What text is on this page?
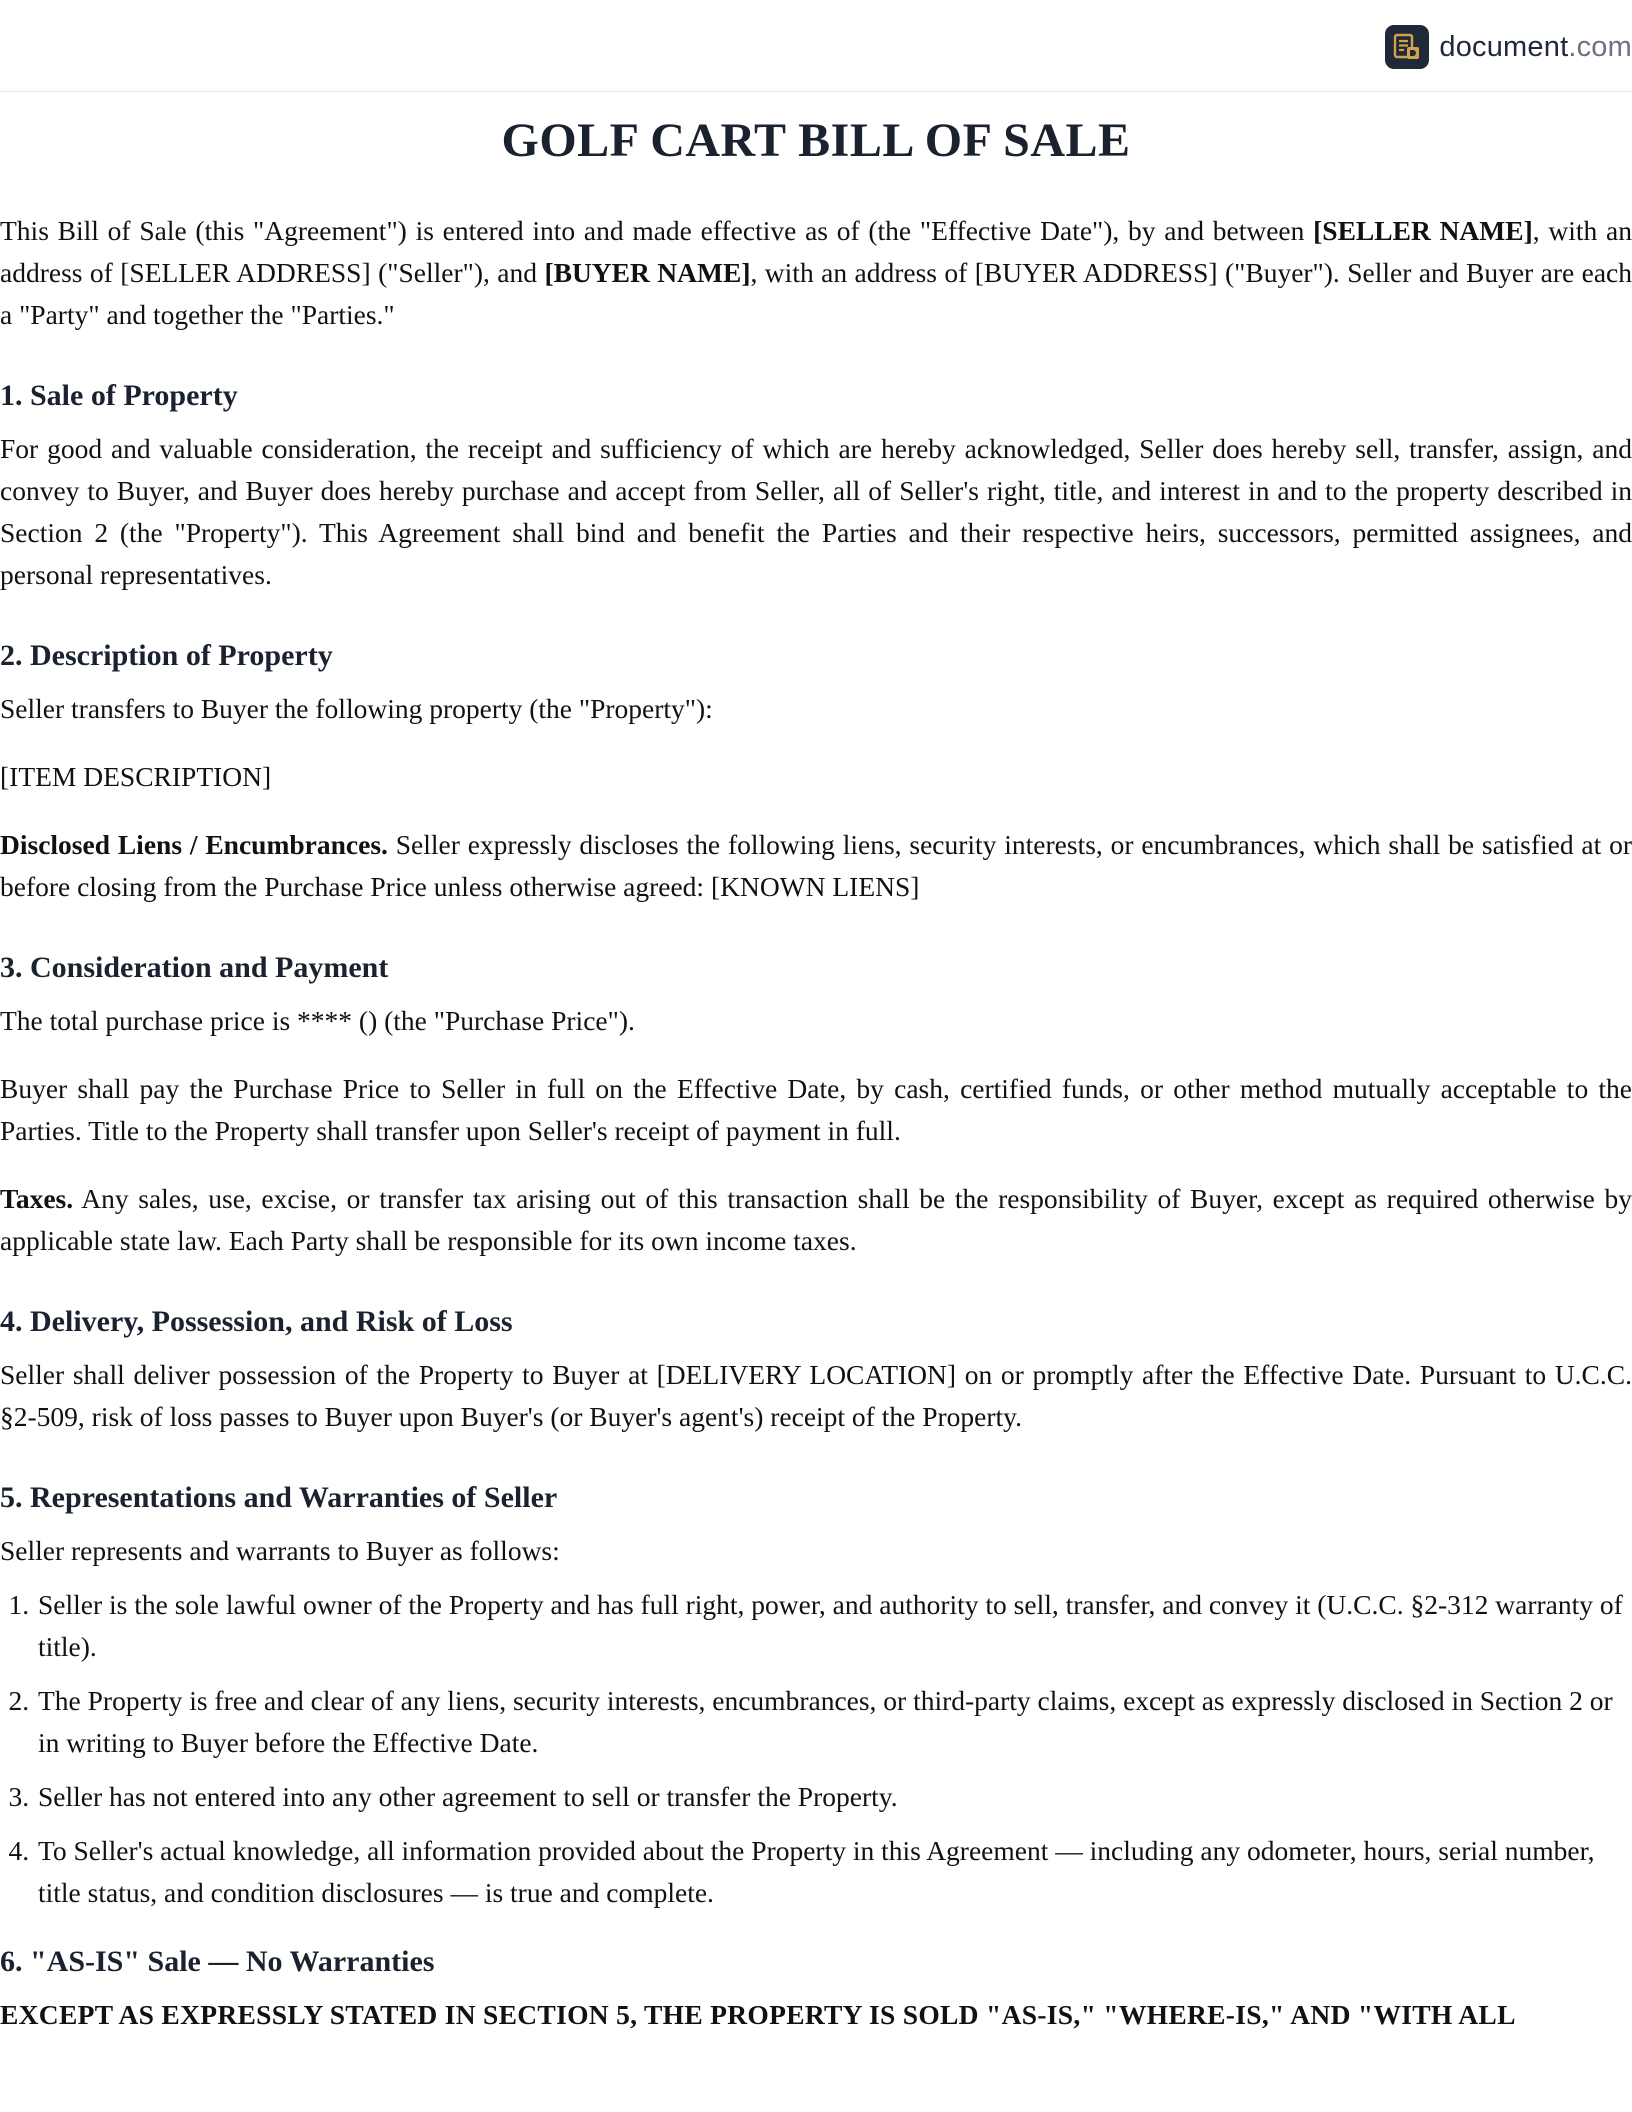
document.com
GOLF CART BILL OF SALE

This Bill of Sale (this "Agreement") is entered into and made effective as of (the "Effective Date"), by and between [SELLER NAME], with an address of [SELLER ADDRESS] ("Seller"), and [BUYER NAME], with an address of [BUYER ADDRESS] ("Buyer"). Seller and Buyer are each a "Party" and together the "Parties."

1. Sale of Property

For good and valuable consideration, the receipt and sufficiency of which are hereby acknowledged, Seller does hereby sell, transfer, assign, and convey to Buyer, and Buyer does hereby purchase and accept from Seller, all of Seller's right, title, and interest in and to the property described in Section 2 (the "Property"). This Agreement shall bind and benefit the Parties and their respective heirs, successors, permitted assignees, and personal representatives.

2. Description of Property

Seller transfers to Buyer the following property (the "Property"):

[ITEM DESCRIPTION]

Disclosed Liens / Encumbrances. Seller expressly discloses the following liens, security interests, or encumbrances, which shall be satisfied at or before closing from the Purchase Price unless otherwise agreed: [KNOWN LIENS]

3. Consideration and Payment

The total purchase price is **** () (the "Purchase Price").

Buyer shall pay the Purchase Price to Seller in full on the Effective Date, by cash, certified funds, or other method mutually acceptable to the Parties. Title to the Property shall transfer upon Seller's receipt of payment in full.

Taxes. Any sales, use, excise, or transfer tax arising out of this transaction shall be the responsibility of Buyer, except as required otherwise by applicable state law. Each Party shall be responsible for its own income taxes.

4. Delivery, Possession, and Risk of Loss

Seller shall deliver possession of the Property to Buyer at [DELIVERY LOCATION] on or promptly after the Effective Date. Pursuant to U.C.C. §2-509, risk of loss passes to Buyer upon Buyer's (or Buyer's agent's) receipt of the Property.

5. Representations and Warranties of Seller

Seller represents and warrants to Buyer as follows:

1. Seller is the sole lawful owner of the Property and has full right, power, and authority to sell, transfer, and convey it (U.C.C. §2-312 warranty of title).
2. The Property is free and clear of any liens, security interests, encumbrances, or third-party claims, except as expressly disclosed in Section 2 or in writing to Buyer before the Effective Date.
3. Seller has not entered into any other agreement to sell or transfer the Property.
4. To Seller's actual knowledge, all information provided about the Property in this Agreement — including any odometer, hours, serial number, title status, and condition disclosures — is true and complete.
6. "AS-IS" Sale — No Warranties

EXCEPT AS EXPRESSLY STATED IN SECTION 5, THE PROPERTY IS SOLD "AS-IS," "WHERE-IS," AND "WITH ALL
